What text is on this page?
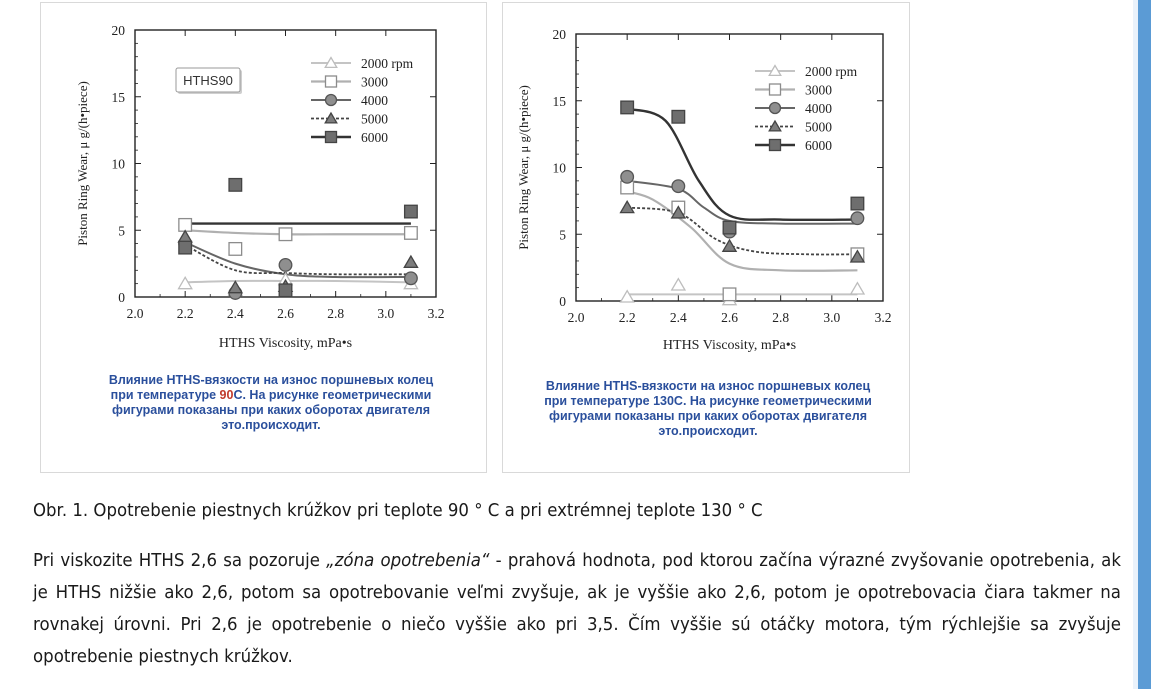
2.0 2.2 2.4 2.6 2.8 3.0 3.2
0
5
10
15
20
HTHS Viscosity, mPa•s
Piston Ring Wear, μ g/(h•piece)
2000 rpm
3000
4000
5000
6000
HTHS90
Влияние HTHS-вязкости на износ поршневых колец
при температуре 90С. На рисунке геометрическими
фигурами показаны при каких оборотах двигателя
это.происходит.
2.0	2.2	2.4	2.6	2.8	3.0	3.2
0
5
10
15
20
HTHS Viscosity, mPa•s
Piston Ring Wear, μ g/(h•piece)
2000 rpm
3000
4000
5000
6000
Влияние HTHS-вязкости на износ поршневых колец
при температуре 130С. На рисунке геометрическими
фигурами показаны при каких оборотах двигателя
это.происходит.
Obr. 1. Opotrebenie piestnych krúžkov pri teplote 90 ° C a pri extrémnej teplote 130 ° C
Pri viskozite HTHS 2,6 sa pozoruje „zóna opotrebenia“ - prahová hodnota, pod ktorou začína výrazné zvyšovanie opotrebenia, ak je HTHS nižšie ako 2,6, potom sa opotrebovanie veľmi zvyšuje, ak je vyššie ako 2,6, potom je opotrebovacia čiara takmer na rovnakej úrovni. Pri 2,6 je opotrebenie o niečo vyššie ako pri 3,5. Čím vyššie sú otáčky motora, tým rýchlejšie sa zvyšuje opotrebenie piestnych krúžkov.
